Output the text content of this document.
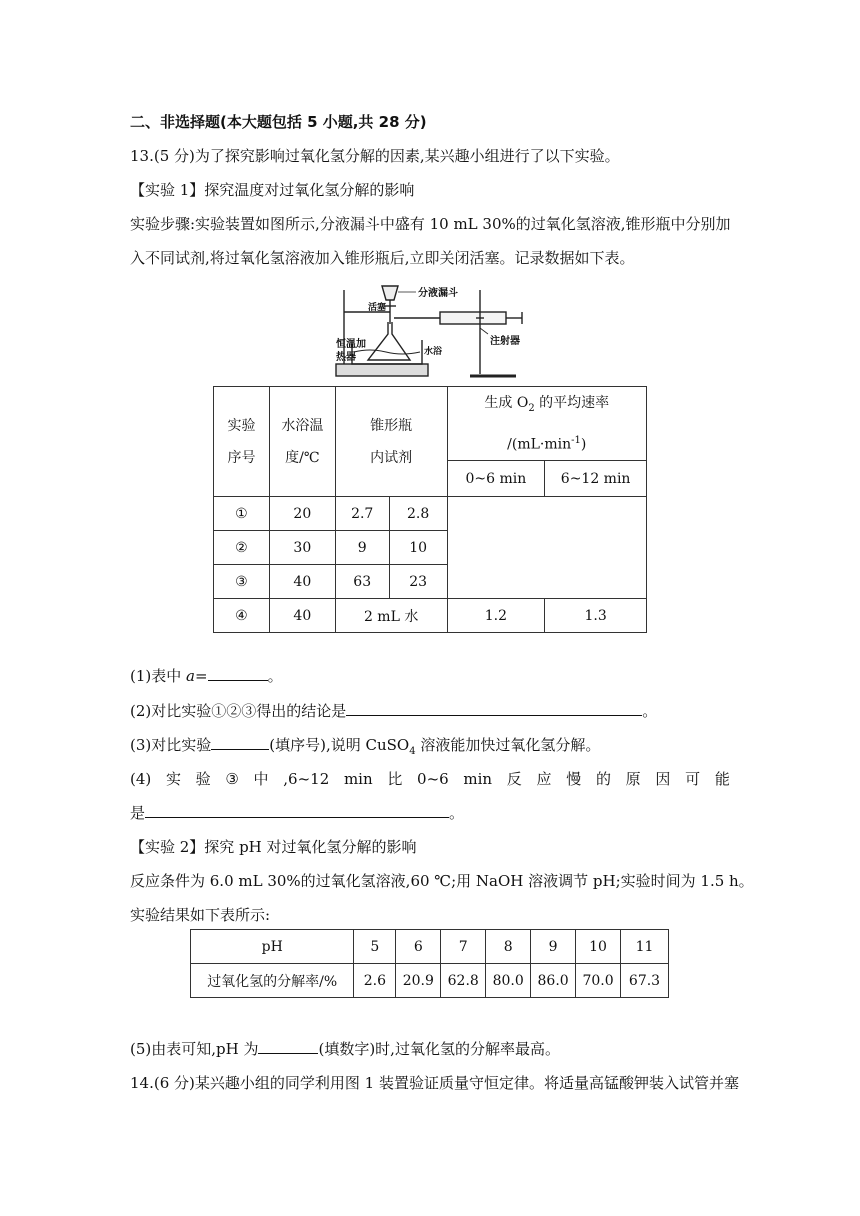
二、非选择题(本大题包括 5 小题,共 28 分)
13.(5 分)为了探究影响过氧化氢分解的因素,某兴趣小组进行了以下实验。
【实验 1】探究温度对过氧化氢分解的影响
实验步骤:实验装置如图所示,分液漏斗中盛有 10 mL 30%的过氧化氢溶液,锥形瓶中分别加
入不同试剂,将过氧化氢溶液加入锥形瓶后,立即关闭活塞。记录数据如下表。
分液漏斗
注射器
活塞
水浴
恒温加热器
实验序号	水浴温度/℃	锥形瓶内试剂		生成 $O_2$ 的平均速率
$/(mL\cdot\min^{-1})$	
				0~6 min	6~12 min
①	20	2.7	2.8		
②	30	9	10		
③	40	63	23		
④	40	2 mL 水		1.2	1.3
(1)表中 a=	。
(2)对比实验①②③得出的结论是	。
(3)对比实验	(填序号),说明 CuSO$_4$ 溶液能加快过氧化氢分解。
(4) 实 验 ③ 中 ,6~12 min 比 0~6 min 反 应 慢 的 原 因 可 能
是	。
【实验 2】探究 pH 对过氧化氢分解的影响
反应条件为 6.0 mL 30%的过氧化氢溶液,60 ℃;用 NaOH 溶液调节 pH;实验时间为 1.5 h。
实验结果如下表所示:
pH	5	6	7	8	9	10	11
过氧化氢的分解率/%	2.6	20.9	62.8	80.0	86.0	70.0	67.3
(5)由表可知,pH 为	(填数字)时,过氧化氢的分解率最高。
14.(6 分)某兴趣小组的同学利用图 1 装置验证质量守恒定律。将适量高锰酸钾装入试管并塞
